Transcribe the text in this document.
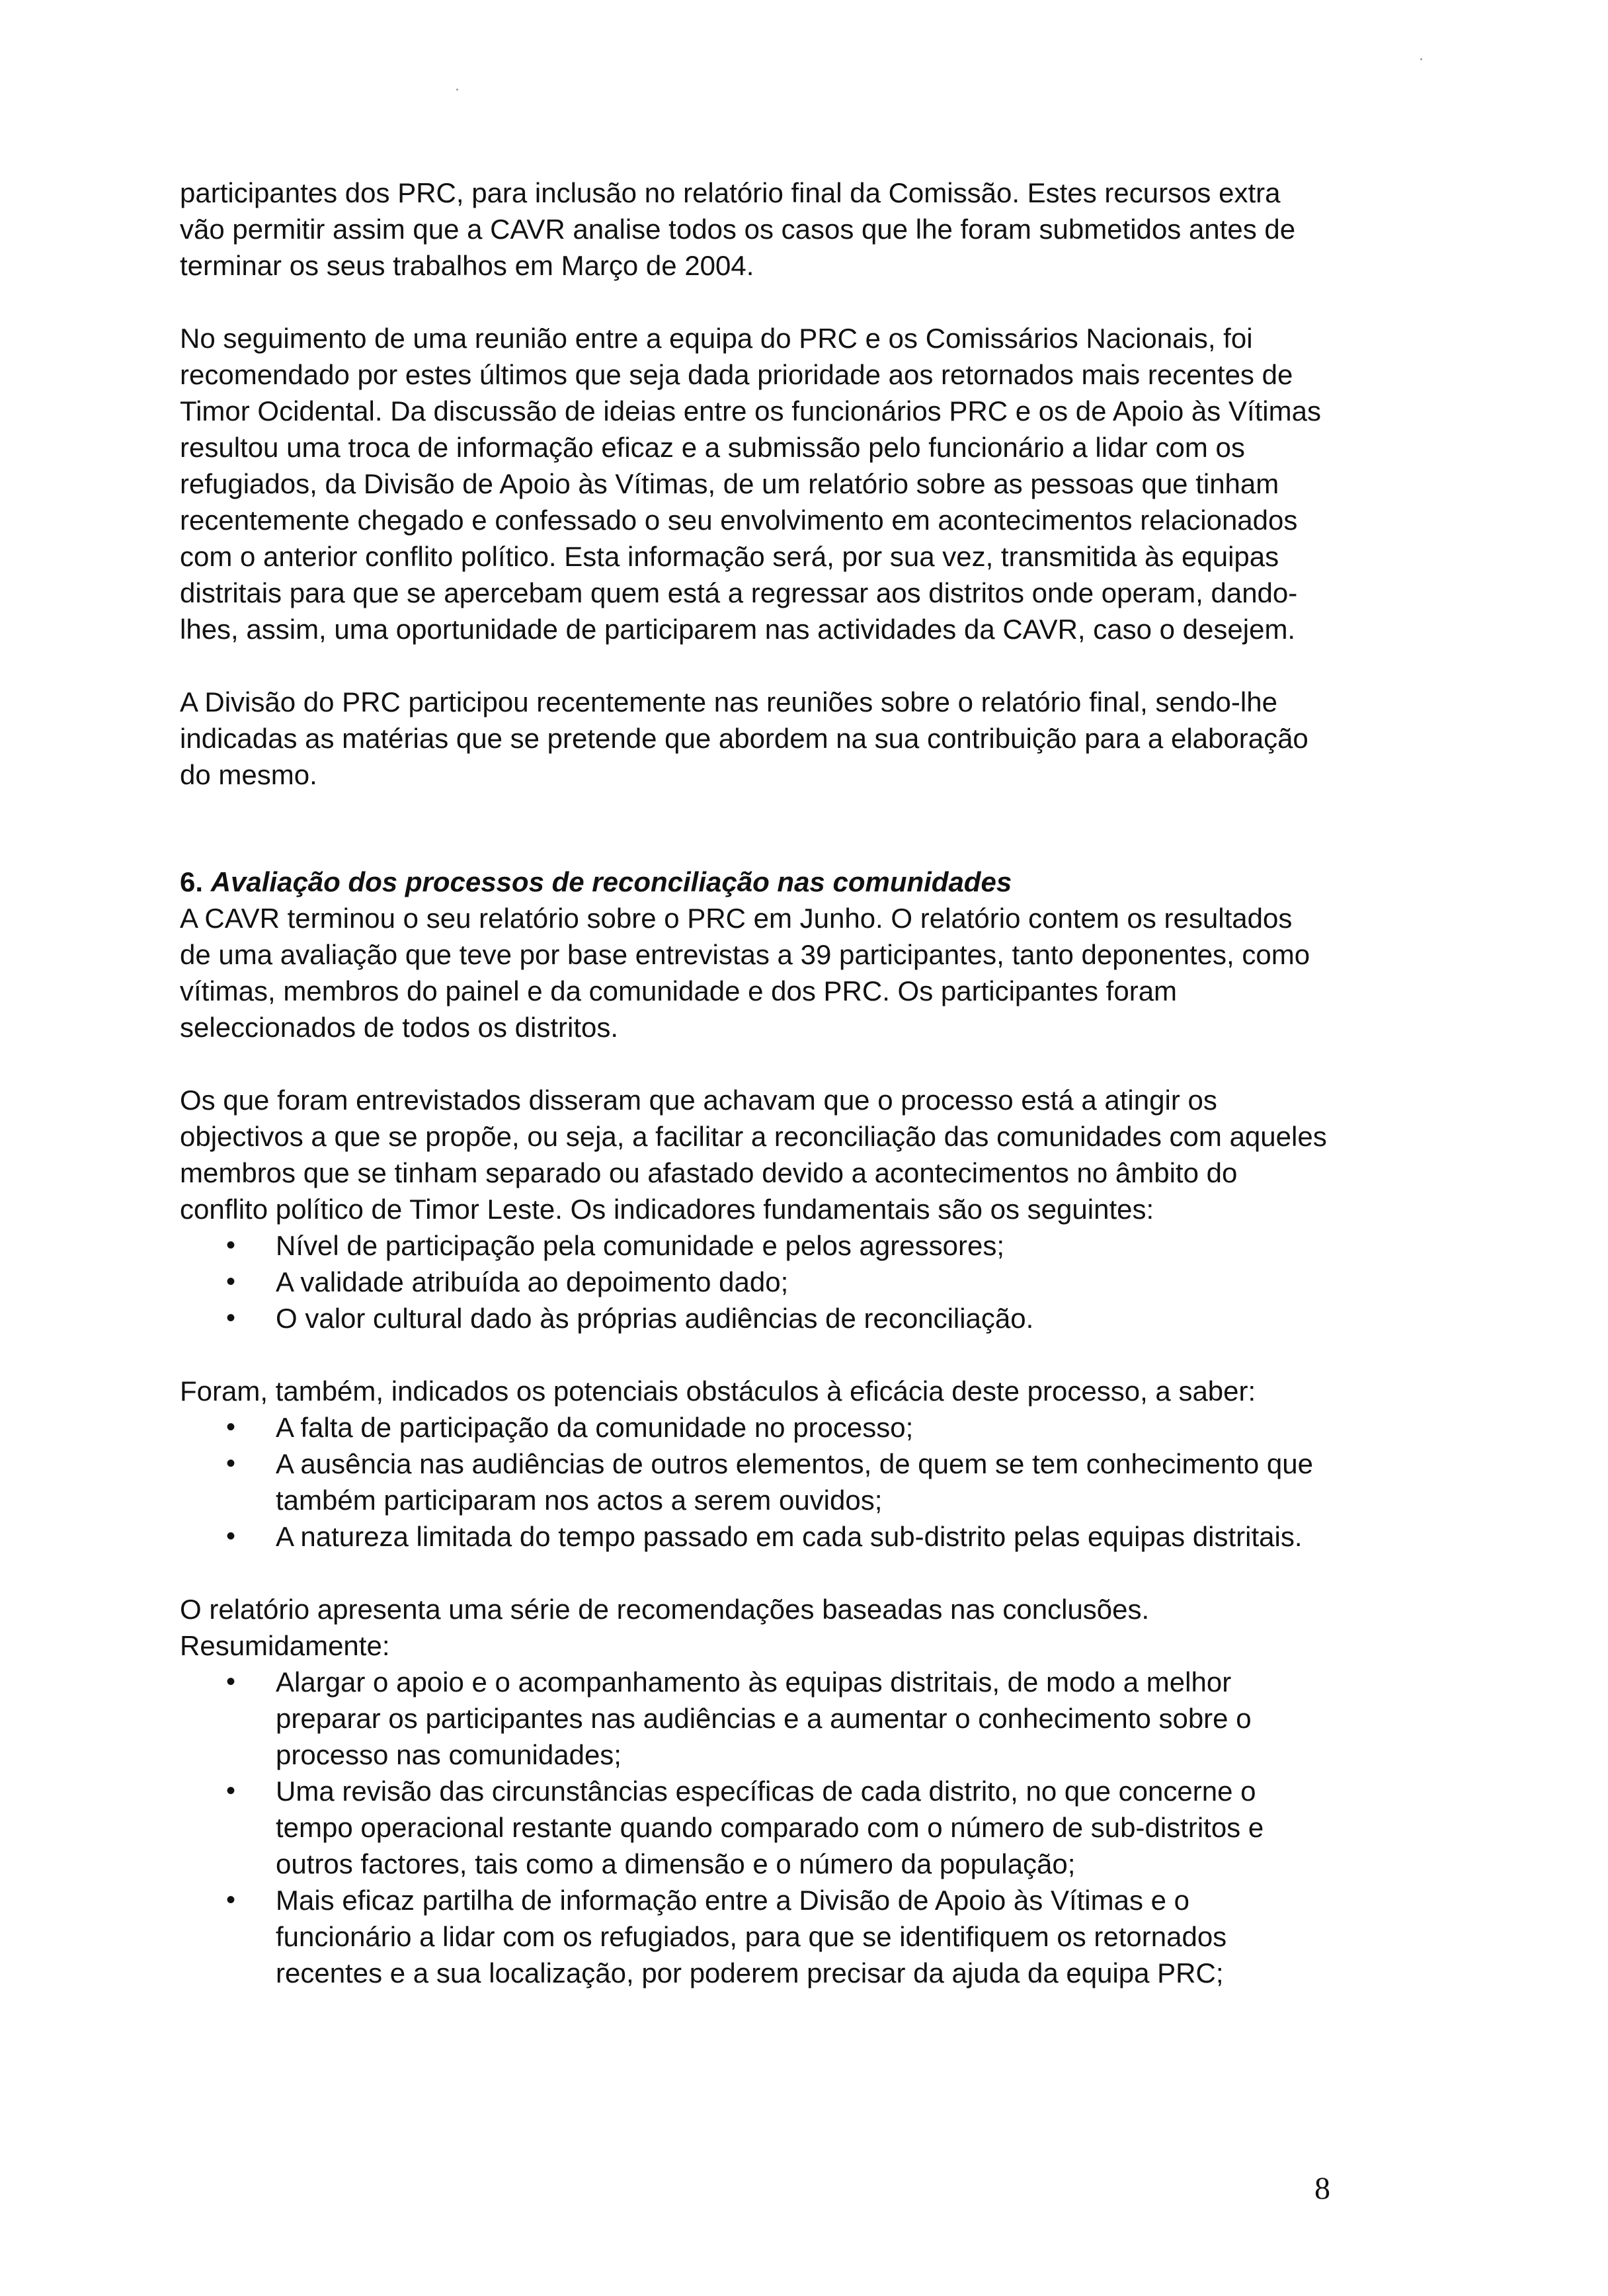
participantes dos PRC, para inclusão no relatório final da Comissão. Estes recursos extra vão permitir assim que a CAVR analise todos os casos que lhe foram submetidos antes de terminar os seus trabalhos em Março de 2004.

No seguimento de uma reunião entre a equipa do PRC e os Comissários Nacionais, foi recomendado por estes últimos que seja dada prioridade aos retornados mais recentes de Timor Ocidental. Da discussão de ideias entre os funcionários PRC e os de Apoio às Vítimas resultou uma troca de informação eficaz e a submissão pelo funcionário a lidar com os refugiados, da Divisão de Apoio às Vítimas, de um relatório sobre as pessoas que tinham recentemente chegado e confessado o seu envolvimento em acontecimentos relacionados com o anterior conflito político. Esta informação será, por sua vez, transmitida às equipas distritais para que se apercebam quem está a regressar aos distritos onde operam, dando-lhes, assim, uma oportunidade de participarem nas actividades da CAVR, caso o desejem.

A Divisão do PRC participou recentemente nas reuniões sobre o relatório final, sendo-lhe indicadas as matérias que se pretende que abordem na sua contribuição para a elaboração do mesmo.

6. Avaliação dos processos de reconciliação nas comunidades

A CAVR terminou o seu relatório sobre o PRC em Junho. O relatório contem os resultados de uma avaliação que teve por base entrevistas a 39 participantes, tanto deponentes, como vítimas, membros do painel e da comunidade e dos PRC. Os participantes foram seleccionados de todos os distritos.

Os que foram entrevistados disseram que achavam que o processo está a atingir os objectivos a que se propõe, ou seja, a facilitar a reconciliação das comunidades com aqueles membros que se tinham separado ou afastado devido a acontecimentos no âmbito do conflito político de Timor Leste. Os indicadores fundamentais são os seguintes:

• Nível de participação pela comunidade e pelos agressores;
• A validade atribuída ao depoimento dado;
• O valor cultural dado às próprias audiências de reconciliação.

Foram, também, indicados os potenciais obstáculos à eficácia deste processo, a saber:

• A falta de participação da comunidade no processo;
• A ausência nas audiências de outros elementos, de quem se tem conhecimento que também participaram nos actos a serem ouvidos;
• A natureza limitada do tempo passado em cada sub-distrito pelas equipas distritais.

O relatório apresenta uma série de recomendações baseadas nas conclusões. Resumidamente:

• Alargar o apoio e o acompanhamento às equipas distritais, de modo a melhor preparar os participantes nas audiências e a aumentar o conhecimento sobre o processo nas comunidades;
• Uma revisão das circunstâncias específicas de cada distrito, no que concerne o tempo operacional restante quando comparado com o número de sub-distritos e outros factores, tais como a dimensão e o número da população;
• Mais eficaz partilha de informação entre a Divisão de Apoio às Vítimas e o funcionário a lidar com os refugiados, para que se identifiquem os retornados recentes e a sua localização, por poderem precisar da ajuda da equipa PRC;
8
